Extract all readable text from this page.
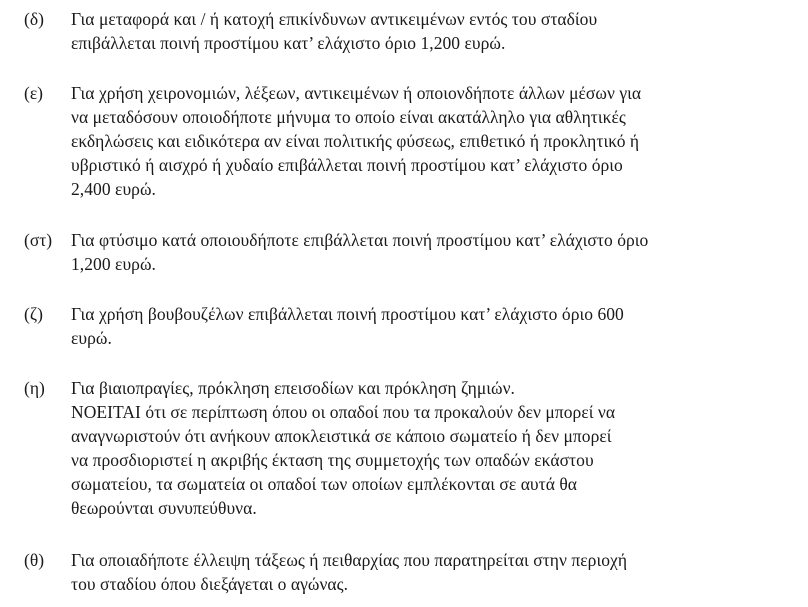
(δ) Για μεταφορά και / ή κατοχή επικίνδυνων αντικειμένων εντός του σταδίου
επιβάλλεται ποινή προστίμου κατ’ ελάχιστο όριο 1,200 ευρώ.
(ε) Για χρήση χειρονομιών, λέξεων, αντικειμένων ή οποιονδήποτε άλλων μέσων για
να μεταδόσουν οποιοδήποτε μήνυμα το οποίο είναι ακατάλληλο για αθλητικές
εκδηλώσεις και ειδικότερα αν είναι πολιτικής φύσεως, επιθετικό ή προκλητικό ή
υβριστικό ή αισχρό ή χυδαίο επιβάλλεται ποινή προστίμου κατ’ ελάχιστο όριο
2,400 ευρώ.
(στ) Για φτύσιμο κατά οποιουδήποτε επιβάλλεται ποινή προστίμου κατ’ ελάχιστο όριο
1,200 ευρώ.
(ζ) Για χρήση βουβουζέλων επιβάλλεται ποινή προστίμου κατ’ ελάχιστο όριο 600
ευρώ.
(η) Για βιαιοπραγίες, πρόκληση επεισοδίων και πρόκληση ζημιών.
ΝΟΕΙΤΑΙ ότι σε περίπτωση όπου οι οπαδοί που τα προκαλούν δεν μπορεί να
αναγνωριστούν ότι ανήκουν αποκλειστικά σε κάποιο σωματείο ή δεν μπορεί
να προσδιοριστεί η ακριβής έκταση της συμμετοχής των οπαδών εκάστου
σωματείου, τα σωματεία οι οπαδοί των οποίων εμπλέκονται σε αυτά θα
θεωρούνται συνυπεύθυνα.
(θ) Για οποιαδήποτε έλλειψη τάξεως ή πειθαρχίας που παρατηρείται στην περιοχή
του σταδίου όπου διεξάγεται ο αγώνας.
